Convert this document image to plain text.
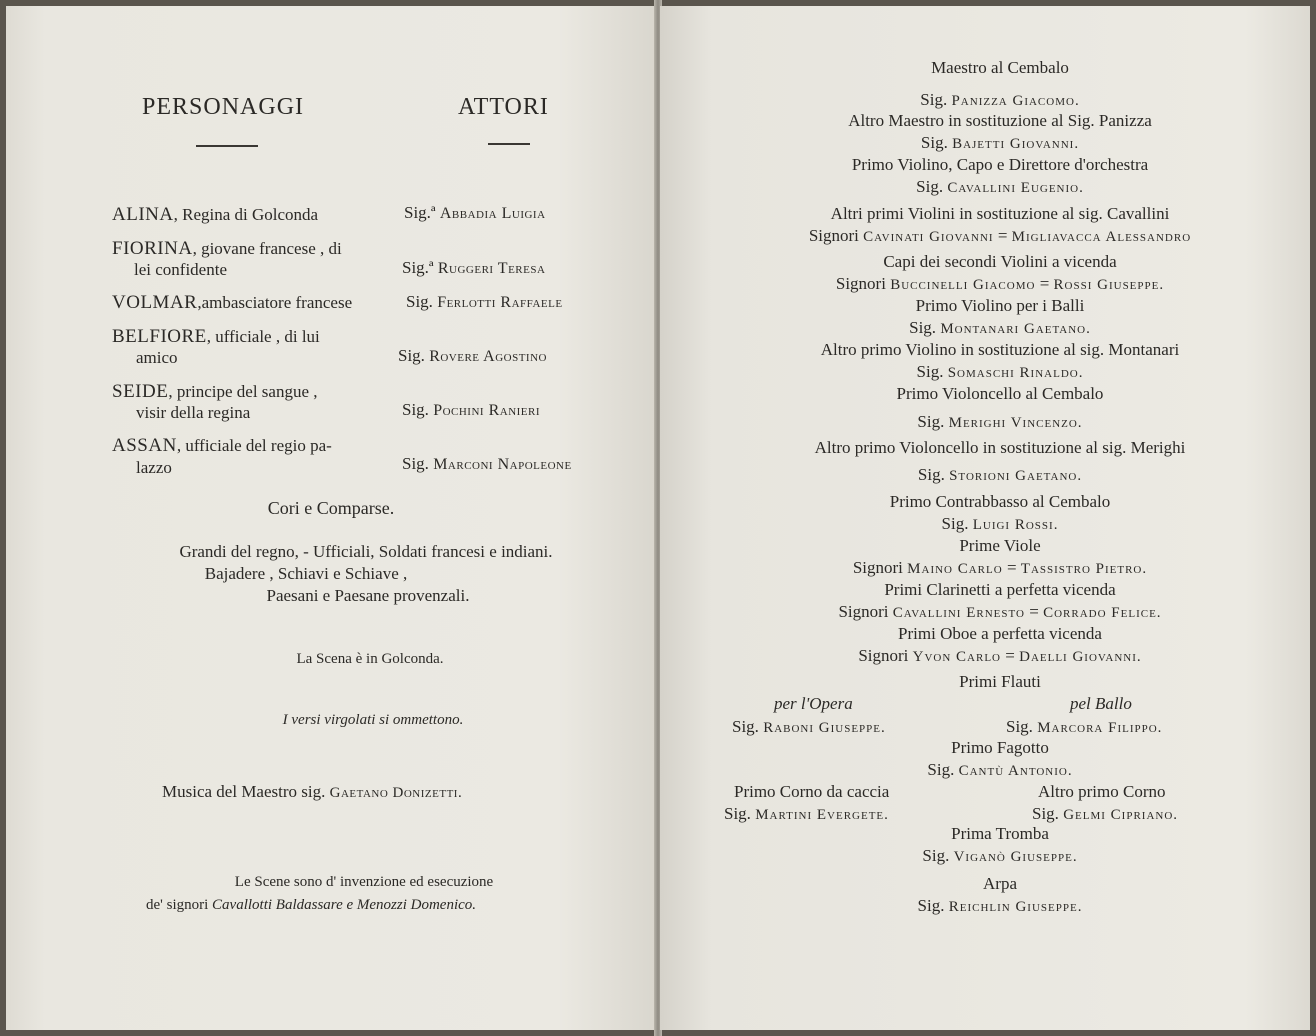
PERSONAGGI	ATTORI
ALINA, Regina di Golconda	Sig.ª Abbadia Luigia
FIORINA, giovane francese , di
lei confidente	Sig.ª Ruggeri Teresa
VOLMAR,ambasciatore francese	Sig. Ferlotti Raffaele
BELFIORE, ufficiale , di lui
amico	Sig. Rovere Agostino
SEIDE, principe del sangue ,
visir della regina	Sig. Pochini Ranieri
ASSAN, ufficiale del regio pa-
lazzo	Sig. Marconi Napoleone
Cori e Comparse.
Grandi del regno, - Ufficiali, Soldati francesi e indiani.
Bajadere , Schiavi e Schiave ,
Paesani e Paesane provenzali.
La Scena è in Golconda.
I versi virgolati si ommettono.
Musica del Maestro sig. Gaetano Donizetti.
Le Scene sono d' invenzione ed esecuzione
de' signori Cavallotti Baldassare e Menozzi Domenico.
Maestro al Cembalo
Sig. Panizza Giacomo.
Altro Maestro in sostituzione al Sig. Panizza
Sig. Bajetti Giovanni.
Primo Violino, Capo e Direttore d'orchestra
Sig. Cavallini Eugenio.
Altri primi Violini in sostituzione al sig. Cavallini
Signori Cavinati Giovanni = Migliavacca Alessandro
Capi dei secondi Violini a vicenda
Signori Buccinelli Giacomo = Rossi Giuseppe.
Primo Violino per i Balli
Sig. Montanari Gaetano.
Altro primo Violino in sostituzione al sig. Montanari
Sig. Somaschi Rinaldo.
Primo Violoncello al Cembalo
Sig. Merighi Vincenzo.
Altro primo Violoncello in sostituzione al sig. Merighi
Sig. Storioni Gaetano.
Primo Contrabbasso al Cembalo
Sig. Luigi Rossi.
Prime Viole
Signori Maino Carlo = Tassistro Pietro.
Primi Clarinetti a perfetta vicenda
Signori Cavallini Ernesto = Corrado Felice.
Primi Oboe a perfetta vicenda
Signori Yvon Carlo = Daelli Giovanni.
Primi Flauti
per l'Opera	pel Ballo
Sig. Raboni Giuseppe.	Sig. Marcora Filippo.
Primo Fagotto
Sig. Cantù Antonio.
Primo Corno da caccia	Altro primo Corno
Sig. Martini Evergete.	Sig. Gelmi Cipriano.
Prima Tromba
Sig. Viganò Giuseppe.
Arpa
Sig. Reichlin Giuseppe.
